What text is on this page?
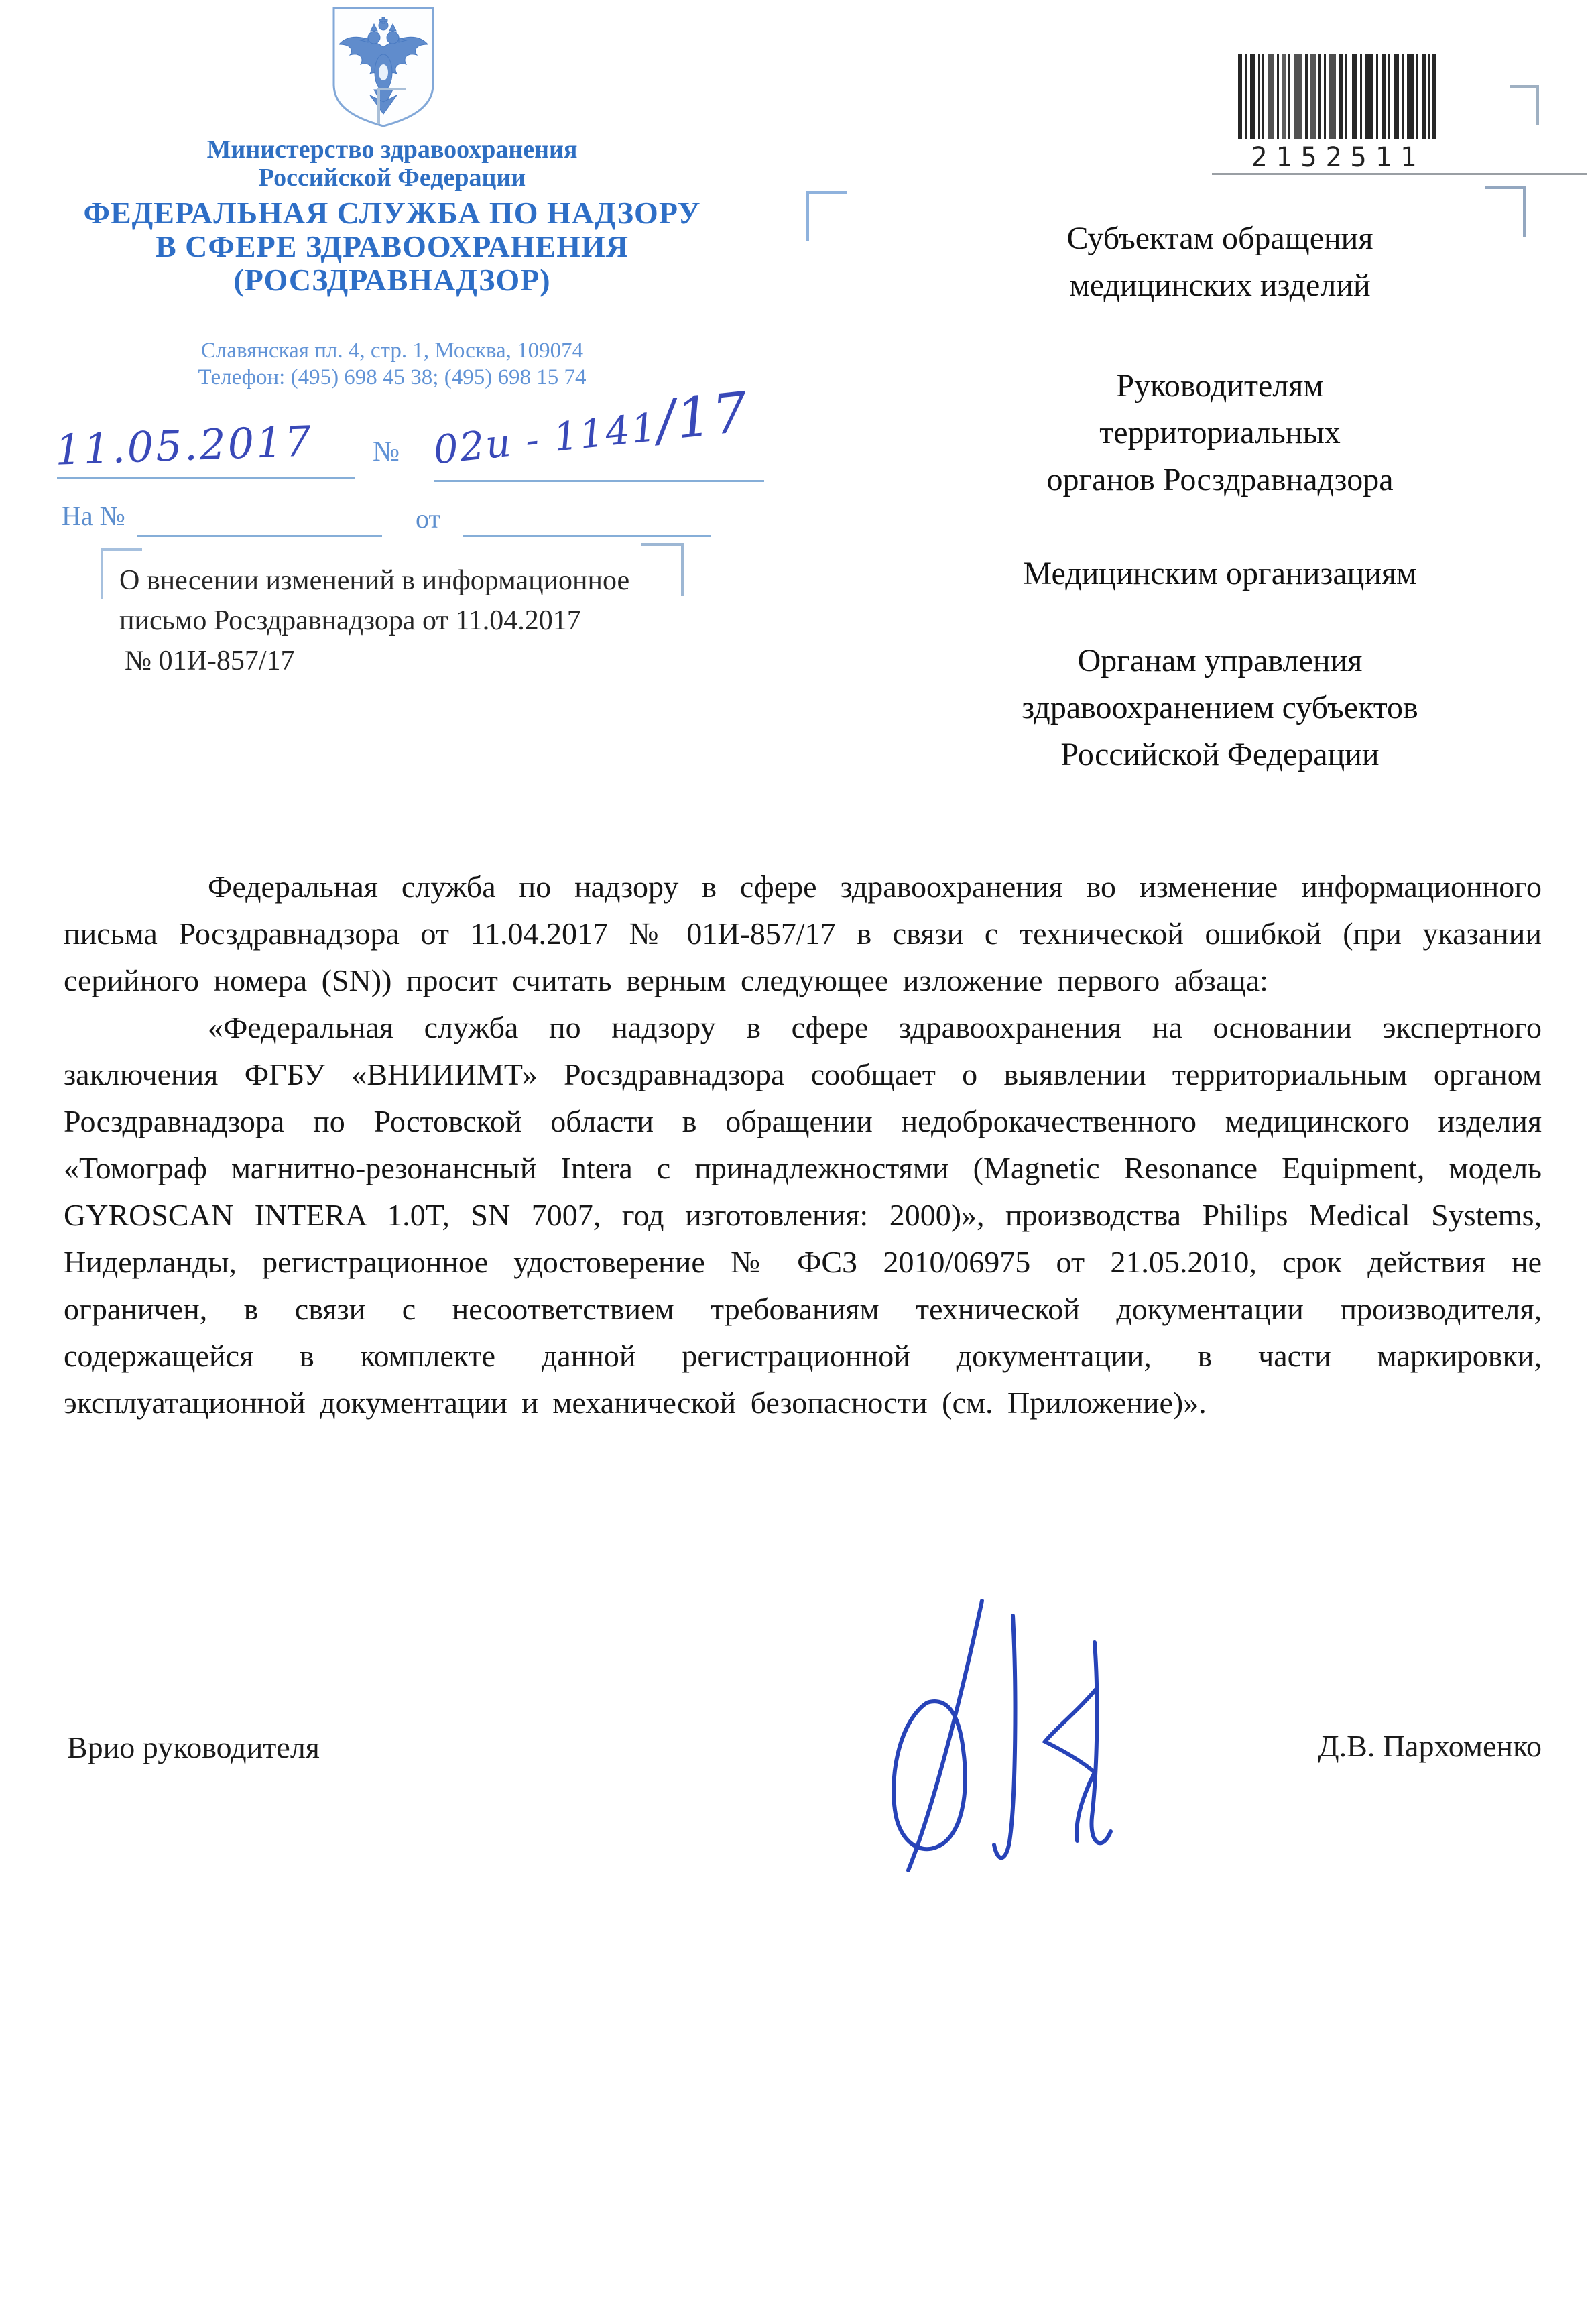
Министерство здравоохранения
Российской Федерации
ФЕДЕРАЛЬНАЯ СЛУЖБА ПО НАДЗОРУ
В СФЕРЕ ЗДРАВООХРАНЕНИЯ
(РОСЗДРАВНАДЗОР)
Славянская пл. 4, стр. 1, Москва, 109074
Телефон: (495) 698 45 38; (495) 698 15 74
2152511
11.05.2017 № 02и - 1141/17
На №	от
О внесении изменений в информационное
письмо Росздравнадзора от 11.04.2017
№ 01И-857/17
Субъектам обращения
медицинских изделий
Руководителям
территориальных
органов Росздравнадзора
Медицинским организациям
Органам управления
здравоохранением субъектов
Российской Федерации

Федеральная служба по надзору в сфере здравоохранения во изменение информационного письма Росздравнадзора от 11.04.2017 № 01И-857/17 в связи с технической ошибкой (при указании серийного номера (SN)) просит считать верным следующее изложение первого абзаца:

«Федеральная служба по надзору в сфере здравоохранения на основании экспертного заключения ФГБУ «ВНИИИМТ» Росздравнадзора сообщает о выявлении территориальным органом Росздравнадзора по Ростовской области в обращении недоброкачественного медицинского изделия «Томограф магнитно-резонансный Intera с принадлежностями (Magnetic Resonance Equipment, модель GYROSCAN INTERA 1.0T, SN 7007, год изготовления: 2000)», производства Philips Medical Systems, Нидерланды, регистрационное удостоверение № ФСЗ 2010/06975 от 21.05.2010, срок действия не ограничен, в связи с несоответствием требованиям технической документации производителя, содержащейся в комплекте данной регистрационной документации, в части маркировки, эксплуатационной документации и механической безопасности (см. Приложение)».

Врио руководителя	Д.В. Пархоменко
